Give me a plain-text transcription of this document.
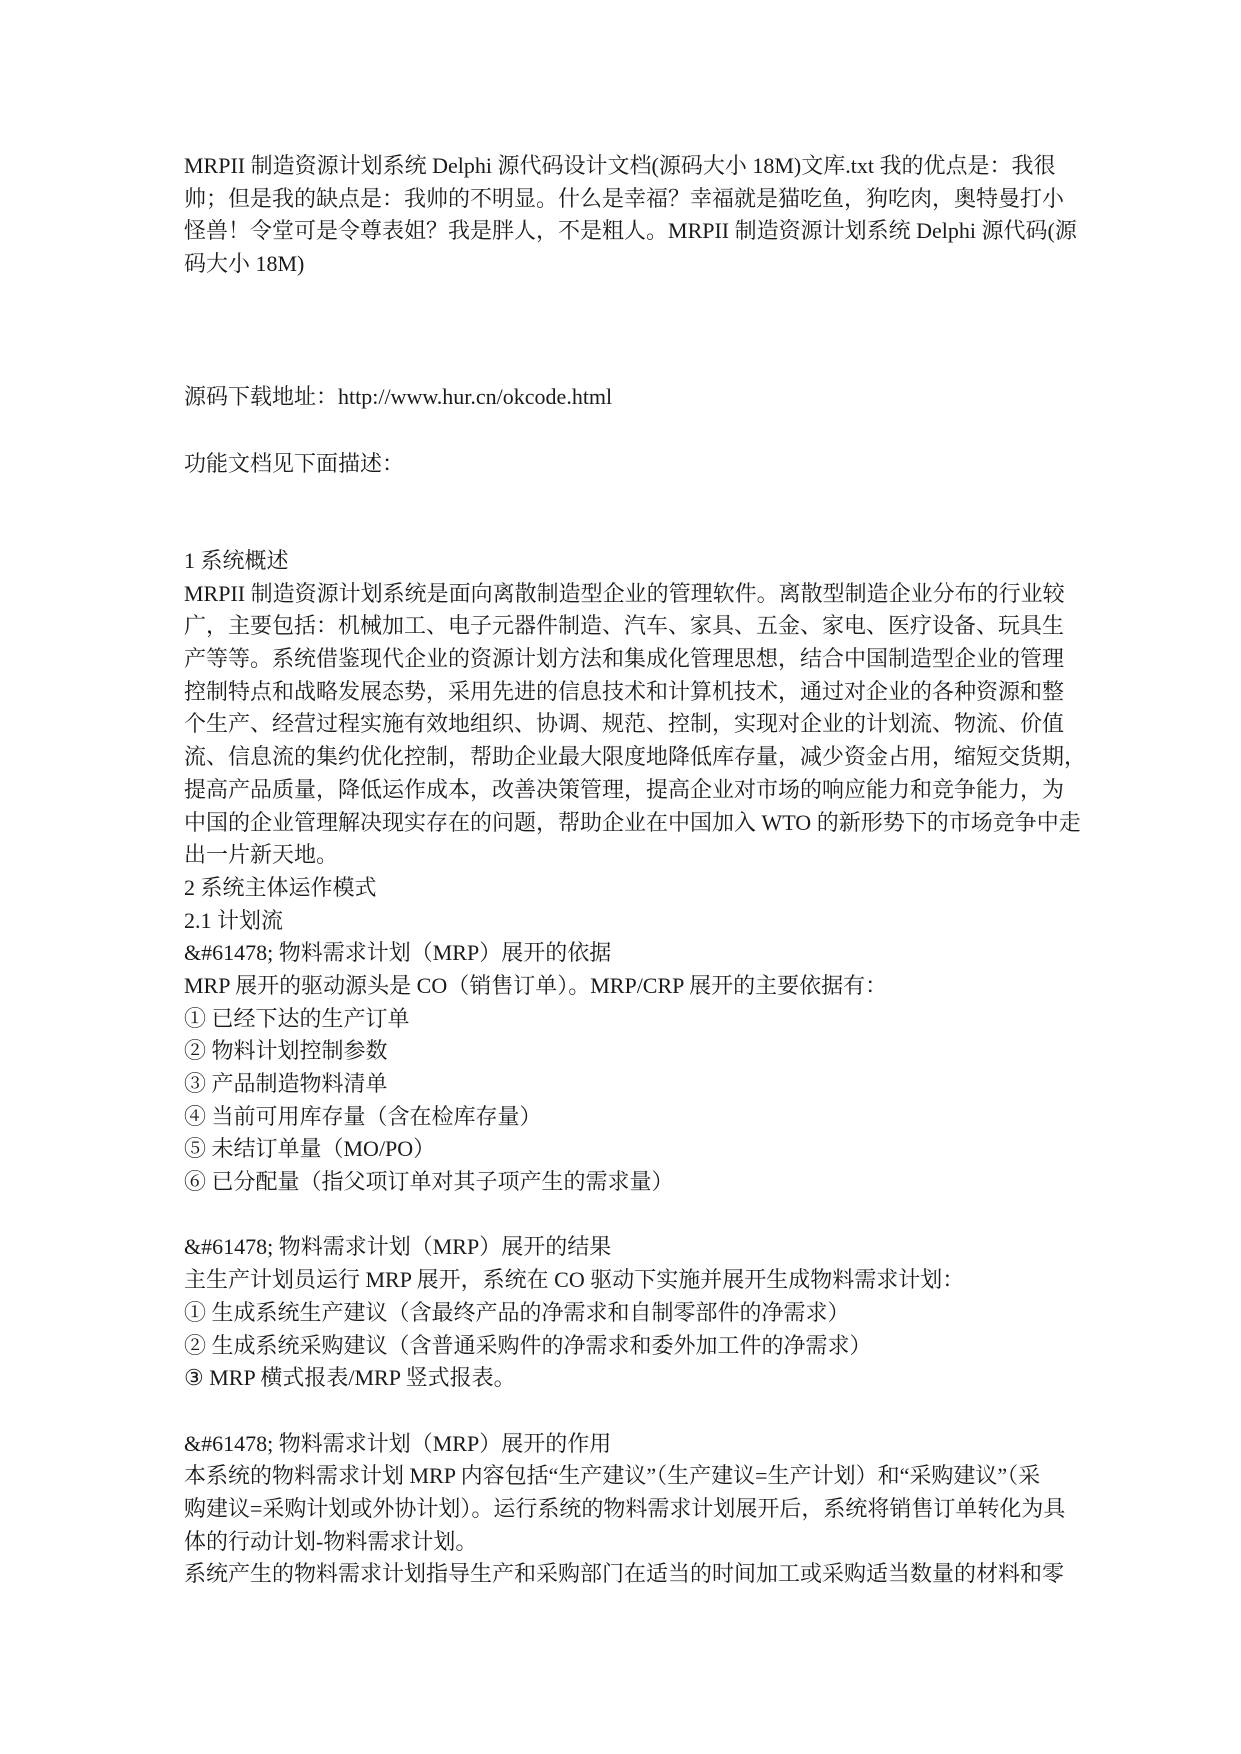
MRPII 制造资源计划系统 Delphi 源代码设计文档(源码大小 18M)文库.txt 我的优点是：我很
帅；但是我的缺点是：我帅的不明显。什么是幸福？幸福就是猫吃鱼，狗吃肉，奥特曼打小
怪兽！令堂可是令尊表姐？我是胖人，不是粗人。MRPII 制造资源计划系统 Delphi 源代码(源
码大小 18M)
源码下载地址：http://www.hur.cn/okcode.html
功能文档见下面描述：
1 系统概述
MRPII 制造资源计划系统是面向离散制造型企业的管理软件。离散型制造企业分布的行业较
广，主要包括：机械加工、电子元器件制造、汽车、家具、五金、家电、医疗设备、玩具生
产等等。系统借鉴现代企业的资源计划方法和集成化管理思想，结合中国制造型企业的管理
控制特点和战略发展态势，采用先进的信息技术和计算机技术，通过对企业的各种资源和整
个生产、经营过程实施有效地组织、协调、规范、控制，实现对企业的计划流、物流、价值
流、信息流的集约优化控制，帮助企业最大限度地降低库存量，减少资金占用，缩短交货期，
提高产品质量，降低运作成本，改善决策管理，提高企业对市场的响应能力和竞争能力，为
中国的企业管理解决现实存在的问题，帮助企业在中国加入 WTO 的新形势下的市场竞争中走
出一片新天地。
2 系统主体运作模式
2.1 计划流
&#61478; 物料需求计划（MRP）展开的依据
MRP 展开的驱动源头是 CO（销售订单）。MRP/CRP 展开的主要依据有：
① 已经下达的生产订单
② 物料计划控制参数
③ 产品制造物料清单
④ 当前可用库存量（含在检库存量）
⑤ 未结订单量（MO/PO）
⑥ 已分配量（指父项订单对其子项产生的需求量）
&#61478; 物料需求计划（MRP）展开的结果
主生产计划员运行 MRP 展开，系统在 CO 驱动下实施并展开生成物料需求计划：
① 生成系统生产建议（含最终产品的净需求和自制零部件的净需求）
② 生成系统采购建议（含普通采购件的净需求和委外加工件的净需求）
③ MRP 横式报表/MRP 竖式报表。
&#61478; 物料需求计划（MRP）展开的作用
本系统的物料需求计划 MRP 内容包括“生产建议”（生产建议=生产计划）和“采购建议”（采
购建议=采购计划或外协计划）。运行系统的物料需求计划展开后，系统将销售订单转化为具
体的行动计划-物料需求计划。
系统产生的物料需求计划指导生产和采购部门在适当的时间加工或采购适当数量的材料和零
